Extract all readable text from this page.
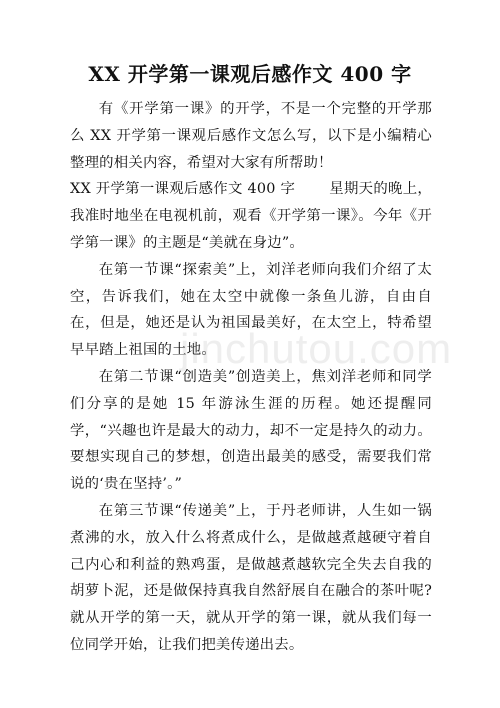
XX 开学第一课观后感作文 400 字

有《开学第一课》的开学，不是一个完整的开学那么 XX 开学第一课观后感作文怎么写，以下是小编精心整理的相关内容，希望对大家有所帮助！

XX 开学第一课观后感作文 400 字 星期天的晚上，我准时地坐在电视机前，观看《开学第一课》。今年《开学第一课》的主题是“美就在身边”。

在第一节课“探索美”上，刘洋老师向我们介绍了太空，告诉我们，她在太空中就像一条鱼儿游，自由自在，但是，她还是认为祖国最美好，在太空上，特希望早早踏上祖国的土地。

在第二节课“创造美”创造美上，焦刘洋老师和同学们分享的是她 15 年游泳生涯的历程。她还提醒同学，“兴趣也许是最大的动力，却不一定是持久的动力。要想实现自己的梦想，创造出最美的感受，需要我们常说的‘贵在坚持’。”

在第三节课“传递美”上，于丹老师讲，人生如一锅煮沸的水，放入什么将煮成什么，是做越煮越硬守着自己内心和利益的熟鸡蛋，是做越煮越软完全失去自我的胡萝卜泥，还是做保持真我自然舒展自在融合的茶叶呢?就从开学的第一天，就从开学的第一课，就从我们每一位同学开始，让我们把美传递出去。

jinchutou.com
